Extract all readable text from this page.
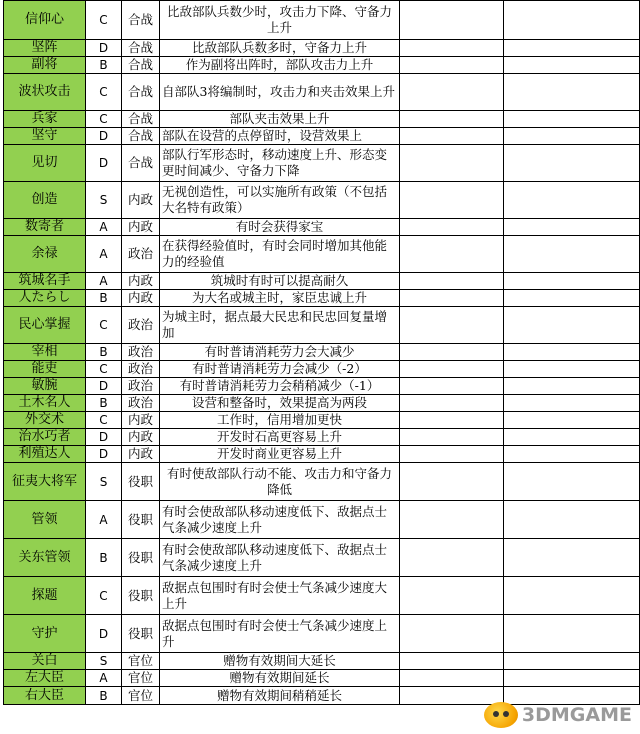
信仰心	C	合战	比敌部队兵数少时，攻击力下降、守备力上升		
坚阵	D	合战	比敌部队兵数多时，守备力上升		
副将	B	合战	作为副将出阵时，部队攻击力上升		
波状攻击	C	合战	自部队3将编制时，攻击力和夹击效果上升		
兵家	C	合战	部队夹击效果上升		
坚守	D	合战	部队在设营的点停留时，设营效果上		
见切	D	合战	部队行军形态时，移动速度上升、形态变更时间减少、守备力下降		
创造	S	内政	无视创造性，可以实施所有政策（不包括大名特有政策）		
数寄者	A	内政	有时会获得家宝		
余禄	A	政治	在获得经验值时，有时会同时增加其他能力的经验值		
筑城名手	A	内政	筑城时有时可以提高耐久		
人たらし	B	内政	为大名或城主时，家臣忠诚上升		
民心掌握	C	政治	为城主时，据点最大民忠和民忠回复量增加		
宰相	B	政治	有时普请消耗劳力会大减少		
能吏	C	政治	有时普请消耗劳力会减少（-2）		
敏腕	D	政治	有时普请消耗劳力会稍稍减少（-1）		
土木名人	B	政治	设营和整备时，效果提高为两段		
外交术	C	内政	工作时，信用增加更快		
治水巧者	D	内政	开发时石高更容易上升		
利殖达人	D	内政	开发时商业更容易上升		
征夷大将军	S	役职	有时使敌部队行动不能、攻击力和守备力降低		
管领	A	役职	有时会使敌部队移动速度低下、敌据点士气条减少速度上升		
关东管领	B	役职	有时会使敌部队移动速度低下、敌据点士气条减少速度上升		
探题	C	役职	敌据点包围时有时会使士气条减少速度大上升		
守护	D	役职	敌据点包围时有时会使士气条减少速度上升		
关白	S	官位	赠物有效期间大延长		
左大臣	A	官位	赠物有效期间延长		
右大臣	B	官位	赠物有效期间稍稍延长		
3DMGAME
